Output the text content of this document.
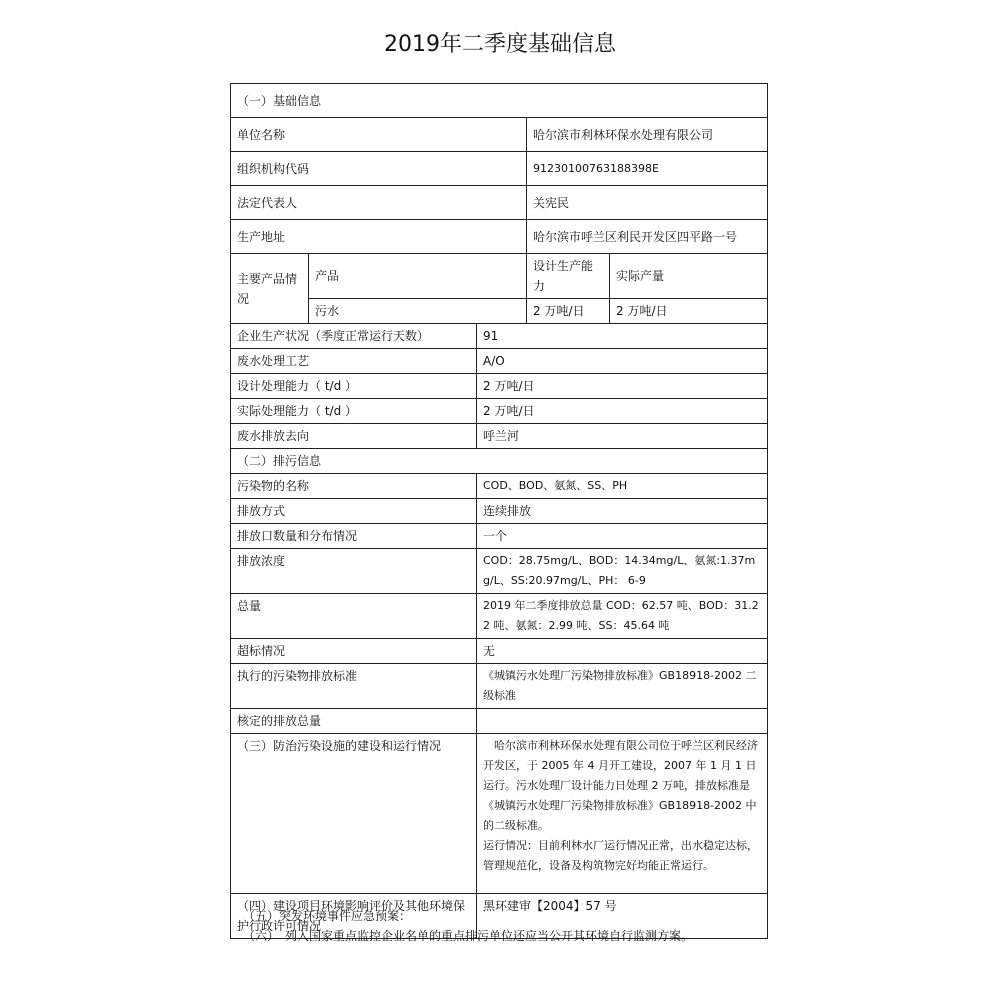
2019年二季度基础信息
（一）基础信息				
单位名称			哈尔滨市利林环保水处理有限公司	
组织机构代码			91230100763188398E	
法定代表人			关宪民	
生产地址			哈尔滨市呼兰区利民开发区四平路一号	
主要产品情况	产品		设计生产能力	实际产量
	污水		2 万吨/日	2 万吨/日
企业生产状况（季度正常运行天数）		91		
废水处理工艺		A/O		
设计处理能力（ t/d ）		2 万吨/日		
实际处理能力（ t/d ）		2 万吨/日		
废水排放去向		呼兰河		
（二）排污信息				
污染物的名称		COD、BOD、氨氮、SS、PH		
排放方式		连续排放		
排放口数量和分布情况		一个		
排放浓度		COD：28.75mg/L、BOD：14.34mg/L、氨氮:1.37mg/L、SS:20.97mg/L、PH： 6-9		
总量		2019 年二季度排放总量 COD：62.57 吨、BOD：31.22 吨、氨氮：2.99 吨、SS：45.64 吨		
超标情况		无		
执行的污染物排放标准		《城镇污水处理厂污染物排放标准》GB18918-2002 二级标准		
核定的排放总量				
（三）防治污染设施的建设和运行情况		哈尔滨市利林环保水处理有限公司位于呼兰区利民经济开发区，于 2005 年 4 月开工建设，2007 年 1 月 1 日运行。污水处理厂设计能力日处理 2 万吨，排放标准是《城镇污水处理厂污染物排放标准》GB18918-2002 中的二级标准。
运行情况：目前利林水厂运行情况正常，出水稳定达标，管理规范化，设备及构筑物完好均能正常运行。		

（四）建设项目环境影响评价及其他环境保护行政许可情况		黑环建审【2004】57 号		
（五）突发环境事件应急预案：
（六）　列入国家重点监控企业名单的重点排污单位还应当公开其环境自行监测方案。
